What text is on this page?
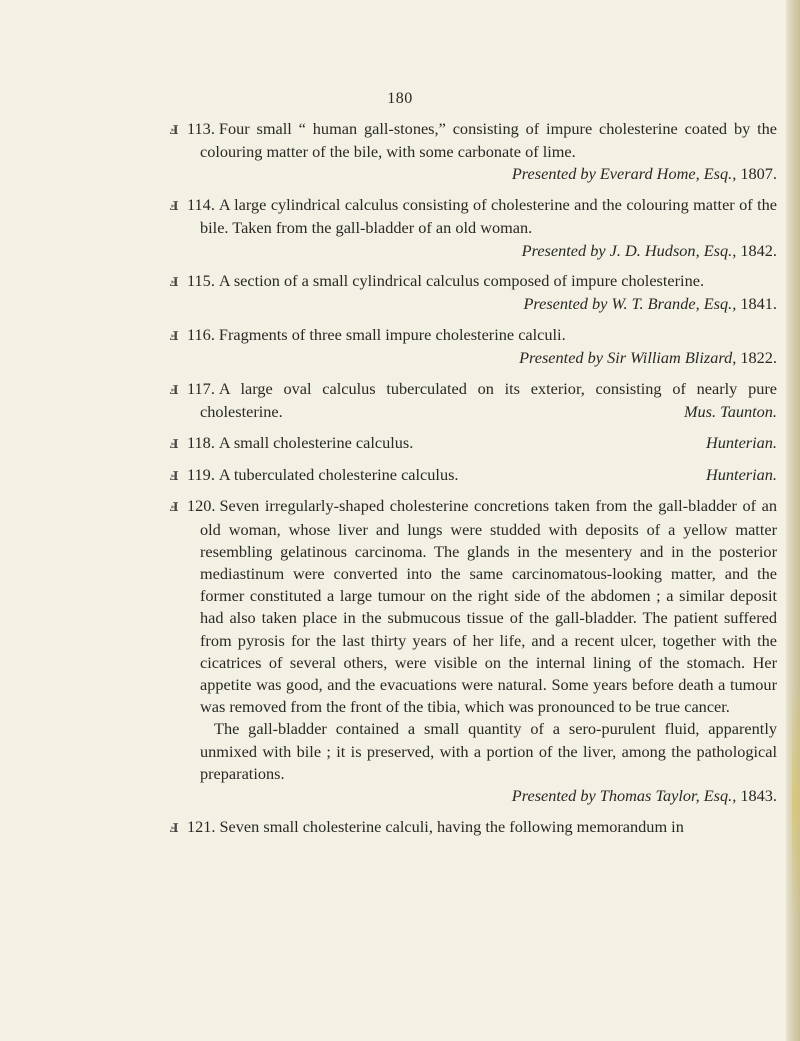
180

Ⅎ 113. Four small “ human gall-stones,” consisting of impure cholesterine coated by the colouring matter of the bile, with some carbonate of lime.

Presented by Everard Home, Esq., 1807.

Ⅎ 114. A large cylindrical calculus consisting of cholesterine and the colouring matter of the bile. Taken from the gall-bladder of an old woman.

Presented by J. D. Hudson, Esq., 1842.

Ⅎ 115. A section of a small cylindrical calculus composed of impure cholesterine.

Presented by W. T. Brande, Esq., 1841.

Ⅎ 116. Fragments of three small impure cholesterine calculi.

Presented by Sir William Blizard, 1822.

Ⅎ 117. A large oval calculus tuberculated on its exterior, consisting of nearly pure cholesterine.	Mus. Taunton.

Ⅎ 118. A small cholesterine calculus.	Hunterian.

Ⅎ 119. A tuberculated cholesterine calculus.	Hunterian.

Ⅎ 120. Seven irregularly-shaped cholesterine concretions taken from the gall-bladder of an old woman, whose liver and lungs were studded with deposits of a yellow matter resembling gelatinous carcinoma. The glands in the mesentery and in the posterior mediastinum were converted into the same carcinomatous-looking matter, and the former constituted a large tumour on the right side of the abdomen ; a similar deposit had also taken place in the submucous tissue of the gall-bladder. The patient suffered from pyrosis for the last thirty years of her life, and a recent ulcer, together with the cicatrices of several others, were visible on the internal lining of the stomach. Her appetite was good, and the evacuations were natural. Some years before death a tumour was removed from the front of the tibia, which was pronounced to be true cancer.

The gall-bladder contained a small quantity of a sero-purulent fluid, apparently unmixed with bile ; it is preserved, with a portion of the liver, among the pathological preparations.

Presented by Thomas Taylor, Esq., 1843.

Ⅎ 121. Seven small cholesterine calculi, having the following memorandum in
